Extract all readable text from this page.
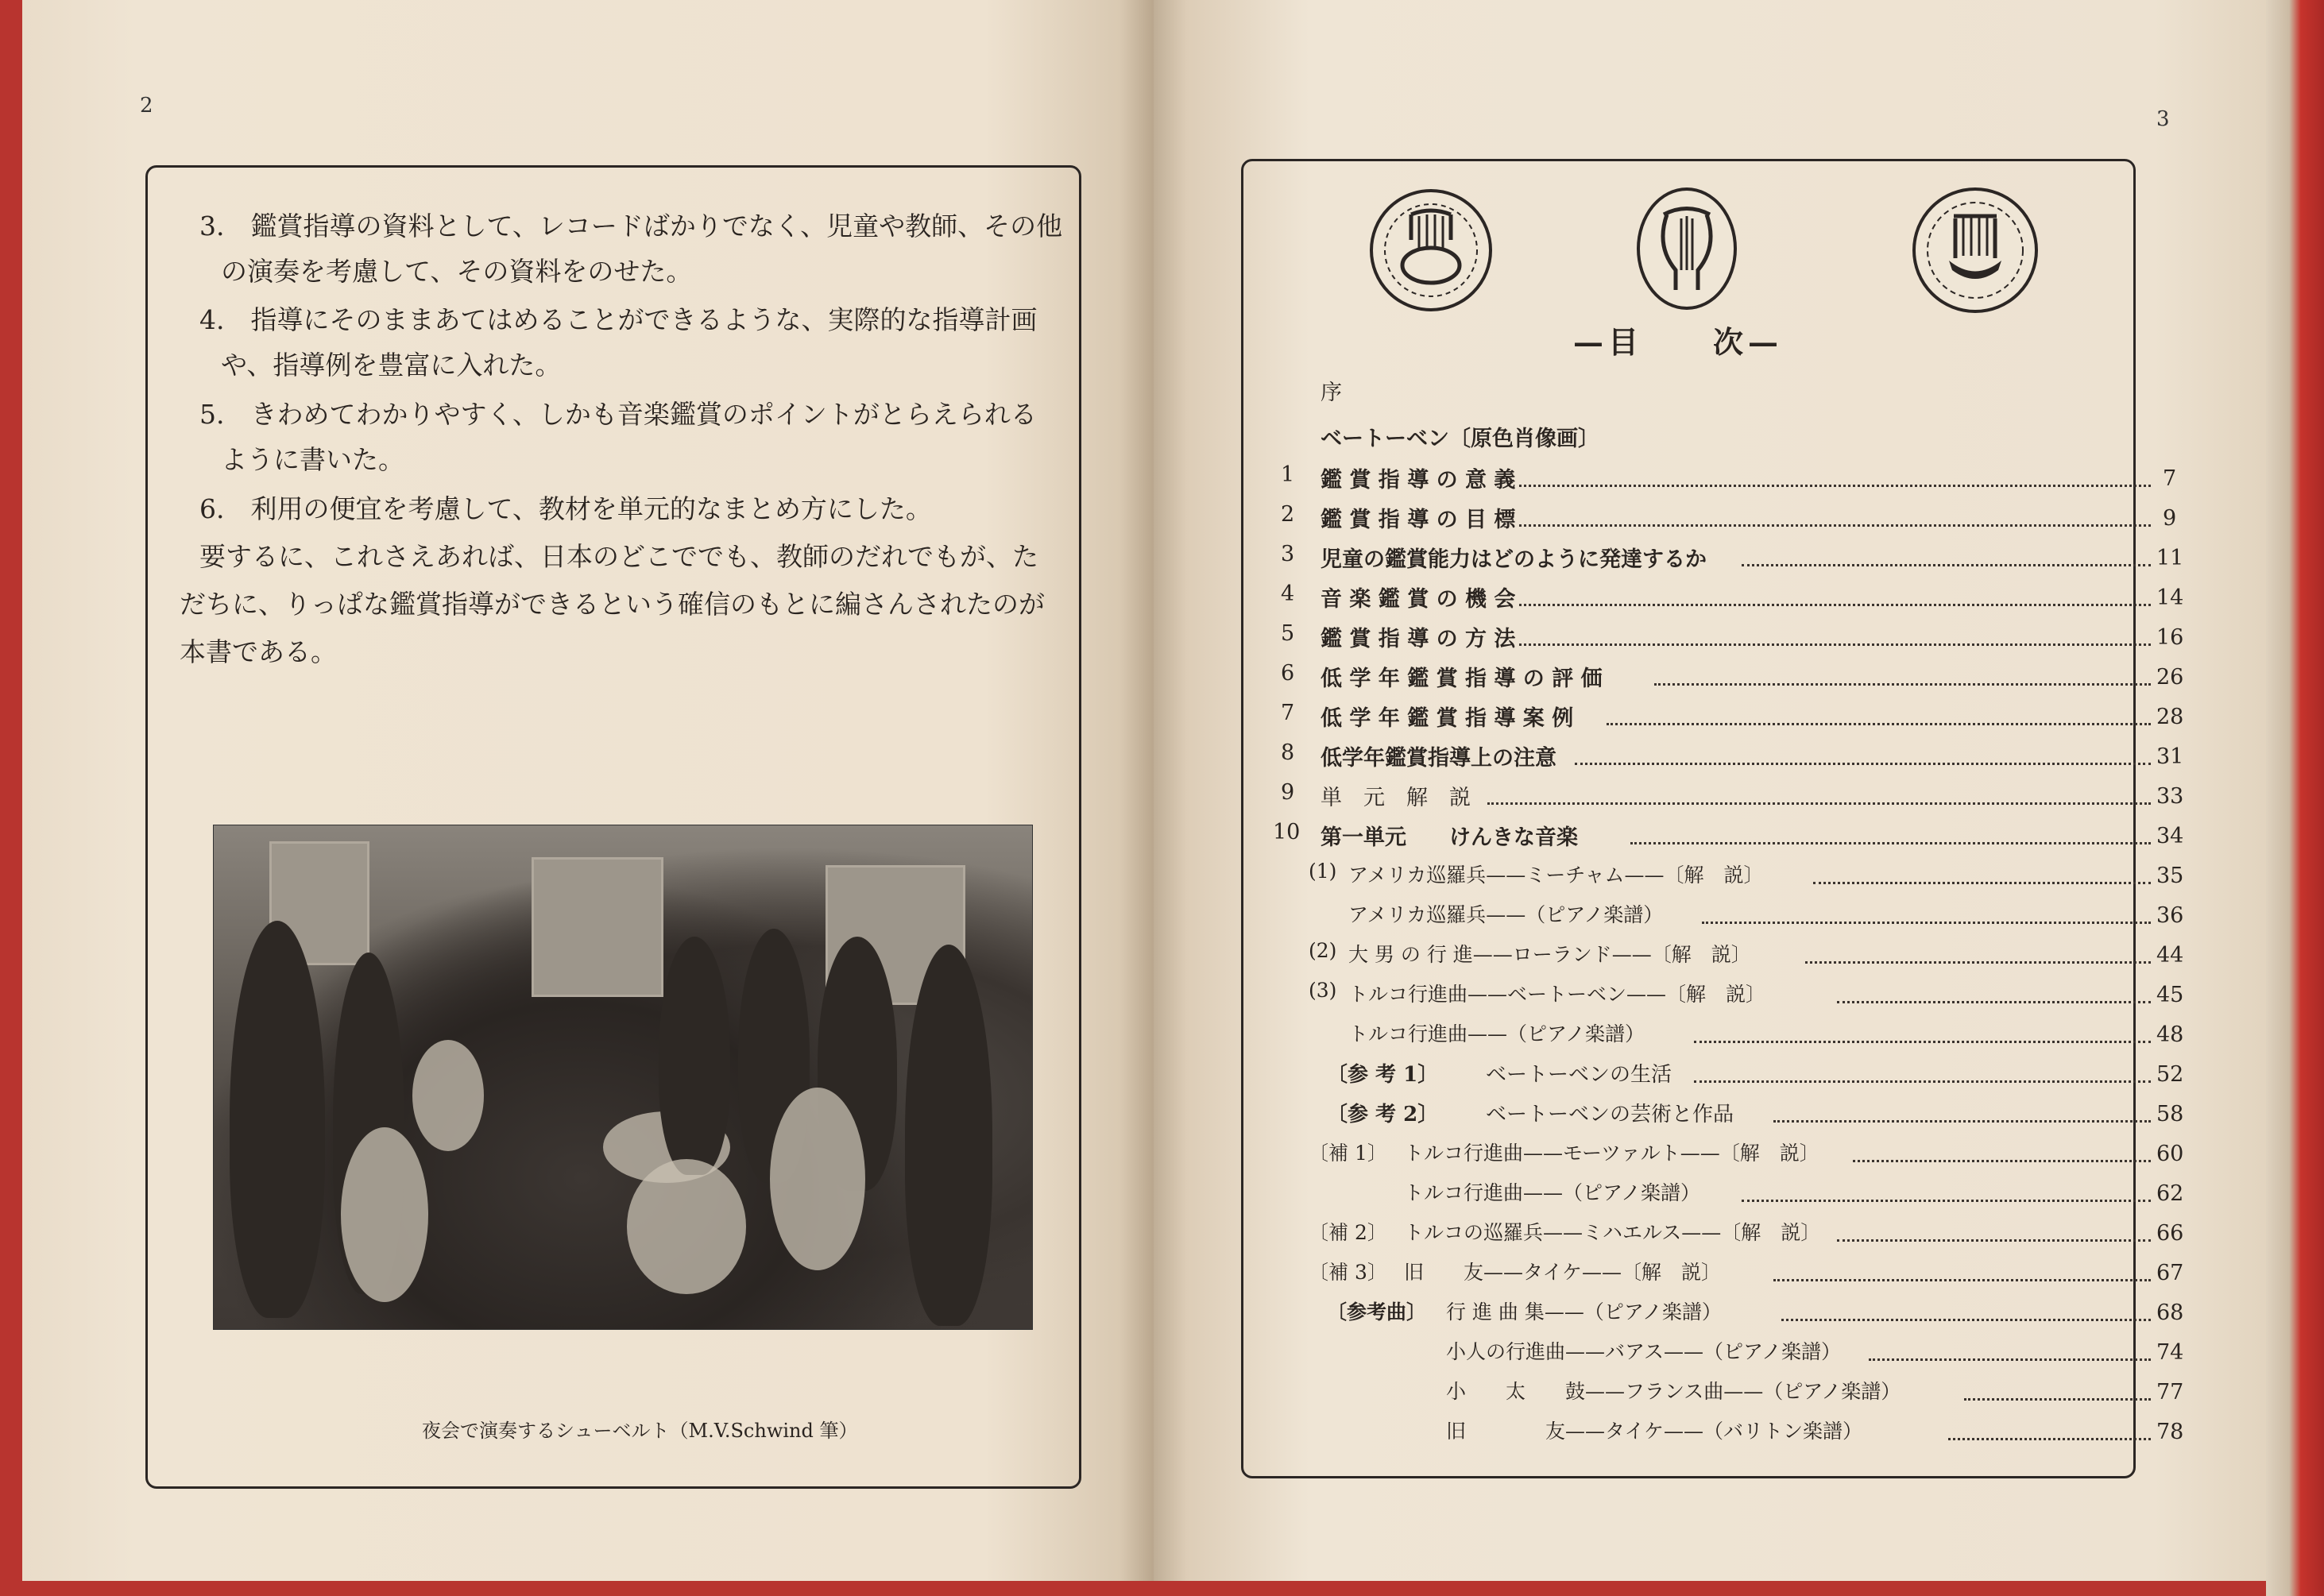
2
3.　鑑賞指導の資料として、レコードばかりでなく、児童や教師、その他
の演奏を考慮して、その資料をのせた。
4.　指導にそのままあてはめることができるような、実際的な指導計画
や、指導例を豊富に入れた。
5.　きわめてわかりやすく、しかも音楽鑑賞のポイントがとらえられる
ように書いた。
6.　利用の便宜を考慮して、教材を単元的なまとめ方にした。
要するに、これさえあれば、日本のどこででも、教師のだれでもが、た
だちに、りっぱな鑑賞指導ができるという確信のもとに編さんされたのが
本書である。
夜会で演奏するシューベルト（M.V.Schwind 筆）
3
—目　　次—
序
ベートーベン〔原色肖像画〕
1 鑑 賞 指 導 の 意 義	7
2 鑑 賞 指 導 の 目 標	9
3 児童の鑑賞能力はどのように発達するか	11
4 音 楽 鑑 賞 の 機 会	14
5 鑑 賞 指 導 の 方 法	16
6 低 学 年 鑑 賞 指 導 の 評 価	26
7 低 学 年 鑑 賞 指 導 案 例	28
8 低学年鑑賞指導上の注意	31
9 単　元　解　説	33
10 第一単元　　けんきな音楽	34
(1) アメリカ巡羅兵——ミーチャム——〔解　説〕	35
アメリカ巡羅兵——（ピアノ楽譜）	36
(2) 大 男 の 行 進——ローランド——〔解　説〕	44
(3) トルコ行進曲——ベートーベン——〔解　説〕	45
トルコ行進曲——（ピアノ楽譜）	48
〔参 考 1〕 ベートーベンの生活	52
〔参 考 2〕 ベートーベンの芸術と作品	58
〔補 1〕 トルコ行進曲——モーツァルト——〔解　説〕	60
トルコ行進曲——（ピアノ楽譜）	62
〔補 2〕 トルコの巡羅兵——ミハエルス——〔解　説〕	66
〔補 3〕 旧　　友——タイケ——〔解　説〕	67
〔参考曲〕 行 進 曲 集——（ピアノ楽譜）	68
小人の行進曲——バアス——（ピアノ楽譜）	74
小　　太　　鼓——フランス曲——（ピアノ楽譜）	77
旧　　　　友——タイケ——（バリトン楽譜）	78
